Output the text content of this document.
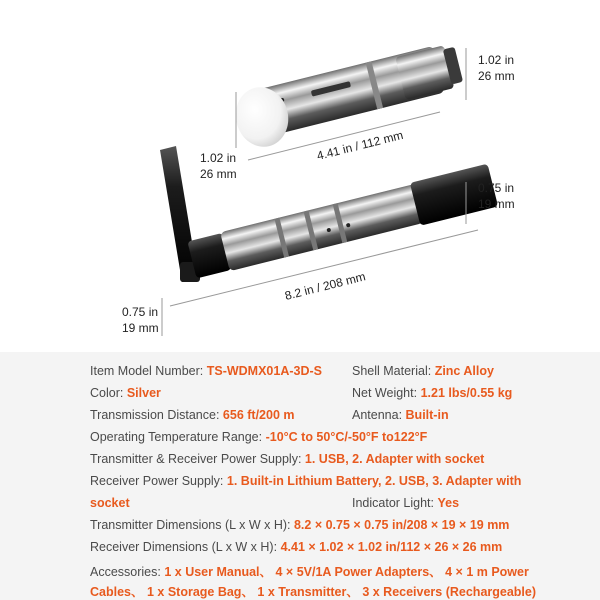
1.02 in
26 mm
1.02 in
26 mm
4.41 in / 112 mm
0.75 in
19 mm
0.75 in
19 mm
8.2 in / 208 mm
Item Model Number: TS-WDMX01A-3D-S Shell Material: Zinc Alloy
Color: Silver	Net Weight: 1.21 lbs/0.55 kg
Transmission Distance: 656 ft/200 m	Antenna: Built-in
Operating Temperature Range: -10°C to 50°C/-50°F to122°F
Transmitter & Receiver Power Supply: 1. USB, 2. Adapter with socket
Receiver Power Supply: 1. Built-in Lithium Battery, 2. USB, 3. Adapter with
socket	Indicator Light: Yes
Transmitter Dimensions (L x W x H): 8.2 × 0.75 × 0.75 in/208 × 19 × 19 mm
Receiver Dimensions (L x W x H): 4.41 × 1.02 × 1.02 in/112 × 26 × 26 mm
Accessories: 1 x User Manual、 4 × 5V/1A Power Adapters、 4 × 1 m Power
Cables、 1 x Storage Bag、 1 x Transmitter、 3 x Receivers (Rechargeable)
